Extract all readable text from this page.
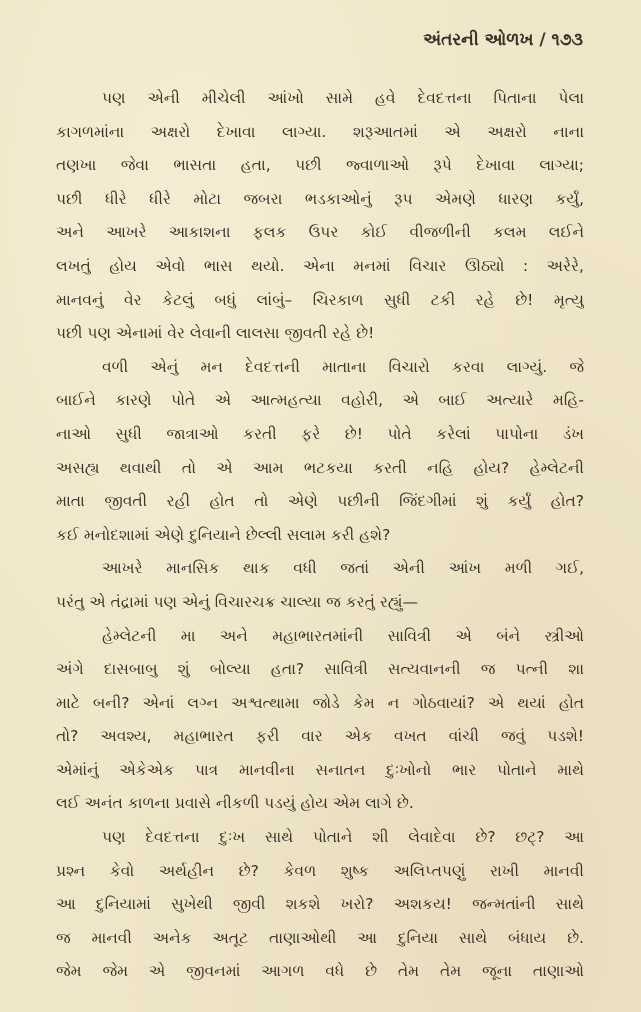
અંતરની ઓળખ / ૧૭૩
પણ એની મીચેલી આંખો સામે હવે દેવદત્તના પિતાના પેલા
કાગળમાંના અક્ષરો દેખાવા લાગ્યા. શરૂઆતમાં એ અક્ષરો નાના
તણખા જેવા ભાસતા હતા, પછી જ્વાળાઓ રૂપે દેખાવા લાગ્યા;
પછી ધીરે ધીરે મોટા જબરા ભડકાઓનું રૂપ એમણે ધારણ કર્યું,
અને આખરે આકાશના ફલક ઉપર કોઈ વીજળીની કલમ લઈને
લખતું હોય એવો ભાસ થયો. એના મનમાં વિચાર ઊઠ્યો : અરેરે,
માનવનું વેર કેટલું બધું લાંબું– ચિરકાળ સુધી ટકી રહે છે! મૃત્યુ
પછી પણ એનામાં વેર લેવાની લાલસા જીવતી રહે છે!
વળી એનું મન દેવદત્તની માતાના વિચારો કરવા લાગ્યું. જે
બાઈને કારણે પોતે એ આત્મહત્યા વહોરી, એ બાઈ અત્યારે મહિ-
નાઓ સુધી જાત્રાઓ કરતી ફરે છે! પોતે કરેલાં પાપોના ડંખ
અસહ્ય થવાથી તો એ આમ ભટકયા કરતી નહિ હોય? હેમ્લેટની
માતા જીવતી રહી હોત તો એણે પછીની જિંદગીમાં શું કર્યું હોત?
કઈ મનોદશામાં એણે દુનિયાને છેલ્લી સલામ કરી હશે?
આખરે માનસિક થાક વધી જતાં એની આંખ મળી ગઈ,
પરંતુ એ તંદ્રામાં પણ એનું વિચારચક્ર ચાલ્યા જ કરતું રહ્યું—
હેમ્લેટની મા અને મહાભારતમાંની સાવિત્રી એ બંને સ્ત્રીઓ
અંગે દાસબાબુ શું બોલ્યા હતા? સાવિત્રી સત્યવાનની જ પત્ની શા
માટે બની? એનાં લગ્ન અશ્વત્થામા જોડે કેમ ન ગોઠવાયાં? એ થયાં હોત
તો? અવશ્ય, મહાભારત ફરી વાર એક વખત વાંચી જવું પડશે!
એમાંનું એકેએક પાત્ર માનવીના સનાતન દુઃખોનો ભાર પોતાને માથે
લઈ અનંત કાળના પ્રવાસે નીકળી પડયું હોય એમ લાગે છે.
પણ દેવદત્તના દુઃખ સાથે પોતાને શી લેવાદેવા છે? છટ્? આ
પ્રશ્ન કેવો અર્થહીન છે? કેવળ શુષ્ક અલિપ્તપણું રાખી માનવી
આ દુનિયામાં સુખેથી જીવી શકશે ખરો? અશકય! જન્મતાંની સાથે
જ માનવી અનેક અતૂટ તાણાઓથી આ દુનિયા સાથે બંધાય છે.
જેમ જેમ એ જીવનમાં આગળ વધે છે તેમ તેમ જૂના તાણાઓ
